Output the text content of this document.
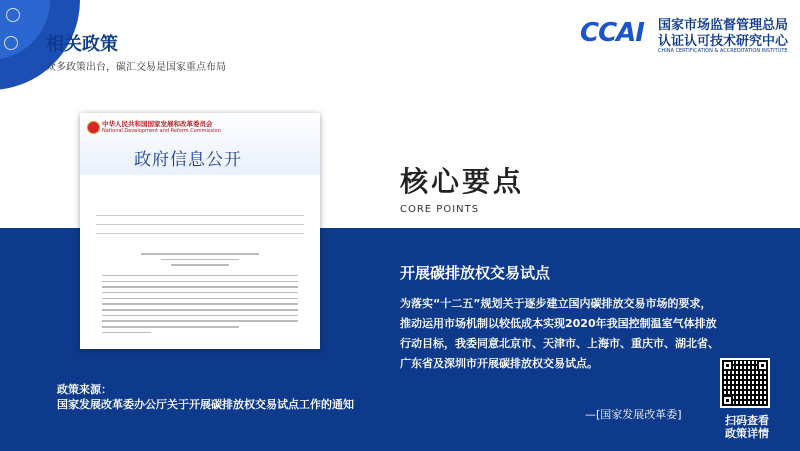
相关政策
众多政策出台，碳汇交易是国家重点布局
CCAI 国家市场监督管理总局
认证认可技术研究中心
CHINA CERTIFICATION & ACCREDITATION INSTITUTE
中华人民共和国国家发展和改革委员会
National Development and Reform Commission
政府信息公开
核心要点
CORE POINTS
开展碳排放权交易试点
为落实“十二五”规划关于逐步建立国内碳排放交易市场的要求，推动运用市场机制以较低成本实现2020年我国控制温室气体排放行动目标，我委同意北京市、天津市、上海市、重庆市、湖北省、广东省及深圳市开展碳排放权交易试点。
—[国家发展改革委]
政策来源：
国家发展改革委办公厅关于开展碳排放权交易试点工作的通知
扫码查看
政策详情
